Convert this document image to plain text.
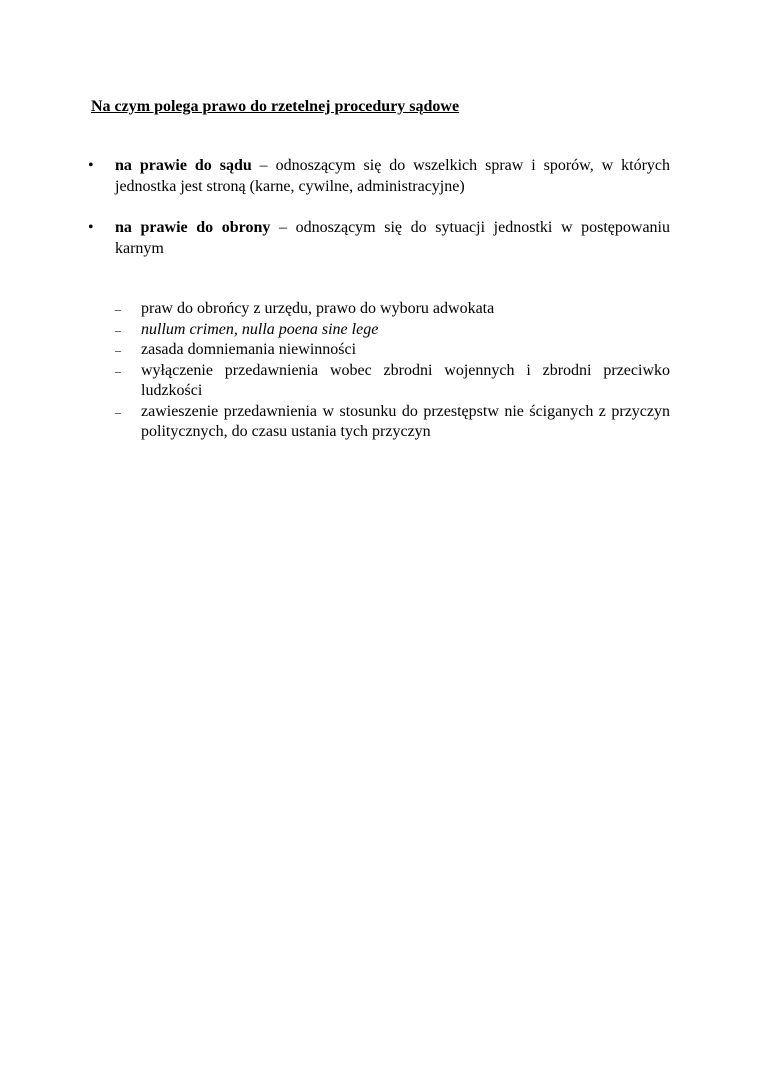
Na czym polega prawo do rzetelnej procedury sądowe
•	na prawie do sądu – odnoszącym się do wszelkich spraw i sporów, w których jednostka jest stroną (karne, cywilne, administracyjne)
•	na prawie do obrony – odnoszącym się do sytuacji jednostki w postępowaniu karnym
– praw do obrońcy z urzędu, prawo do wyboru adwokata
– nullum crimen, nulla poena sine lege
– zasada domniemania niewinności
– wyłączenie przedawnienia wobec zbrodni wojennych i zbrodni przeciwko ludzkości
– zawieszenie przedawnienia w stosunku do przestępstw nie ściganych z przyczyn politycznych, do czasu ustania tych przyczyn
